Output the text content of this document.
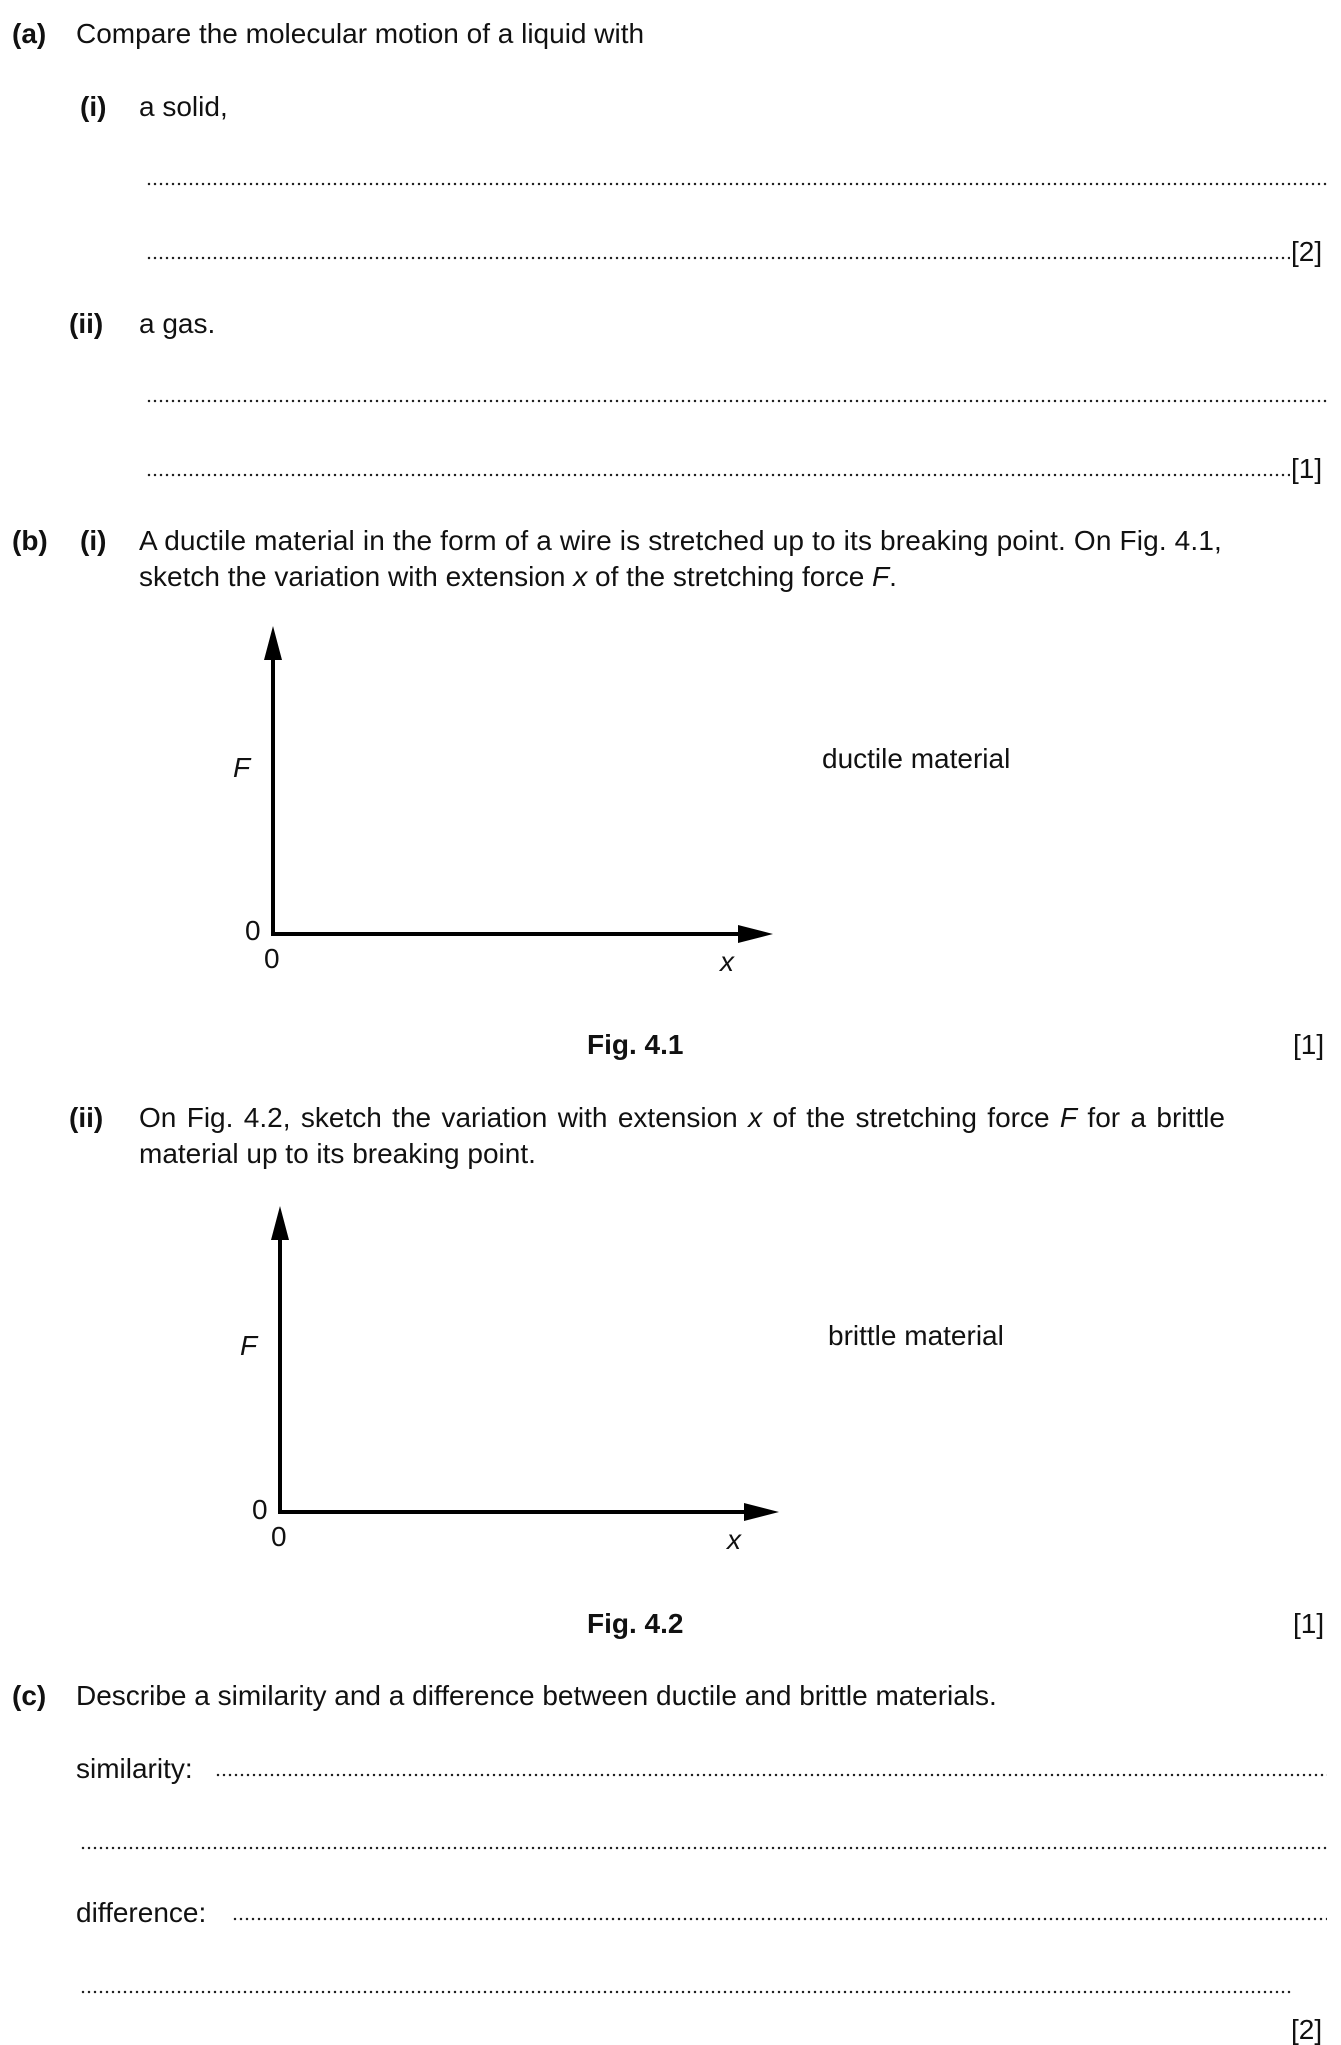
(a) Compare the molecular motion of a liquid with
(i) a solid,
[2]
(ii) a gas.
[1]
(b) (i) A ductile material in the form of a wire is stretched up to its breaking point. On Fig. 4.1,
sketch the variation with extension x of the stretching force F.
F
0
0	x
ductile material
Fig. 4.1	[1]
(ii) On Fig. 4.2, sketch the variation with extension x of the stretching force F for a brittle
material up to its breaking point.
F
0
0	x
brittle material
Fig. 4.2	[1]
(c) Describe a similarity and a difference between ductile and brittle materials.
similarity:
difference:
[2]
